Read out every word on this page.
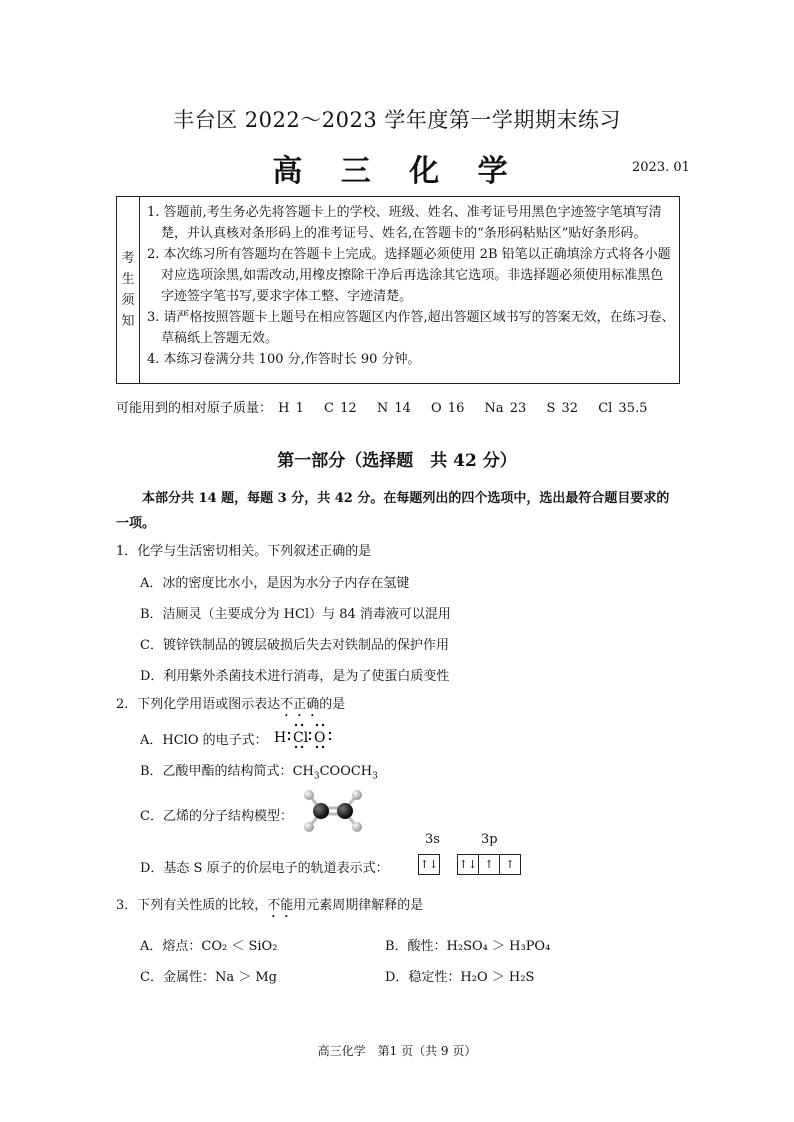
丰台区 2022～2023 学年度第一学期期末练习
高 三 化 学	2023. 01
考
生
须
知

1. 答题前,考生务必先将答题卡上的学校、班级、姓名、准考证号用黑色字迹签字笔填写清楚，并认真核对条形码上的准考证号、姓名,在答题卡的“条形码粘贴区”贴好条形码。

2. 本次练习所有答题均在答题卡上完成。选择题必须使用 2B 铅笔以正确填涂方式将各小题对应选项涂黑,如需改动,用橡皮擦除干净后再选涂其它选项。非选择题必须使用标准黑色字迹签字笔书写,要求字体工整、字迹清楚。

3. 请严格按照答题卡上题号在相应答题区内作答,超出答题区域书写的答案无效，在练习卷、草稿纸上答题无效。

4. 本练习卷满分共 100 分,作答时长 90 分钟。

可能用到的相对原子质量： H 1 C 12 N 14 O 16 Na 23 S 32 Cl 35.5
第一部分（选择题　共 42 分）
本部分共 14 题，每题 3 分，共 42 分。在每题列出的四个选项中，选出最符合题目要求的一项。
1．化学与生活密切相关。下列叙述正确的是
A．冰的密度比水小，是因为水分子内存在氢键
B．洁厕灵（主要成分为 HCl）与 84 消毒液可以混用
C．镀锌铁制品的镀层破损后失去对铁制品的保护作用
D．利用紫外杀菌技术进行消毒，是为了使蛋白质变性
2．下列化学用语或图示表达不正确的是
A．HClO 的电子式： H Cl O
B．乙酸甲酯的结构简式：$CH_3COOCH_3$
C．乙烯的分子结构模型：
3s	3p
D．基态 S 原子的价层电子的轨道表示式：	↑↓ ↑↓ ↑	↑
3．下列有关性质的比较，不能用元素周期律解释的是
A．熔点：CO₂ ＜ SiO₂	B．酸性：H₂SO₄ ＞ H₃PO₄
C．金属性：Na ＞ Mg	D．稳定性：H₂O ＞ H₂S
高三化学　第1 页（共 9 页）
